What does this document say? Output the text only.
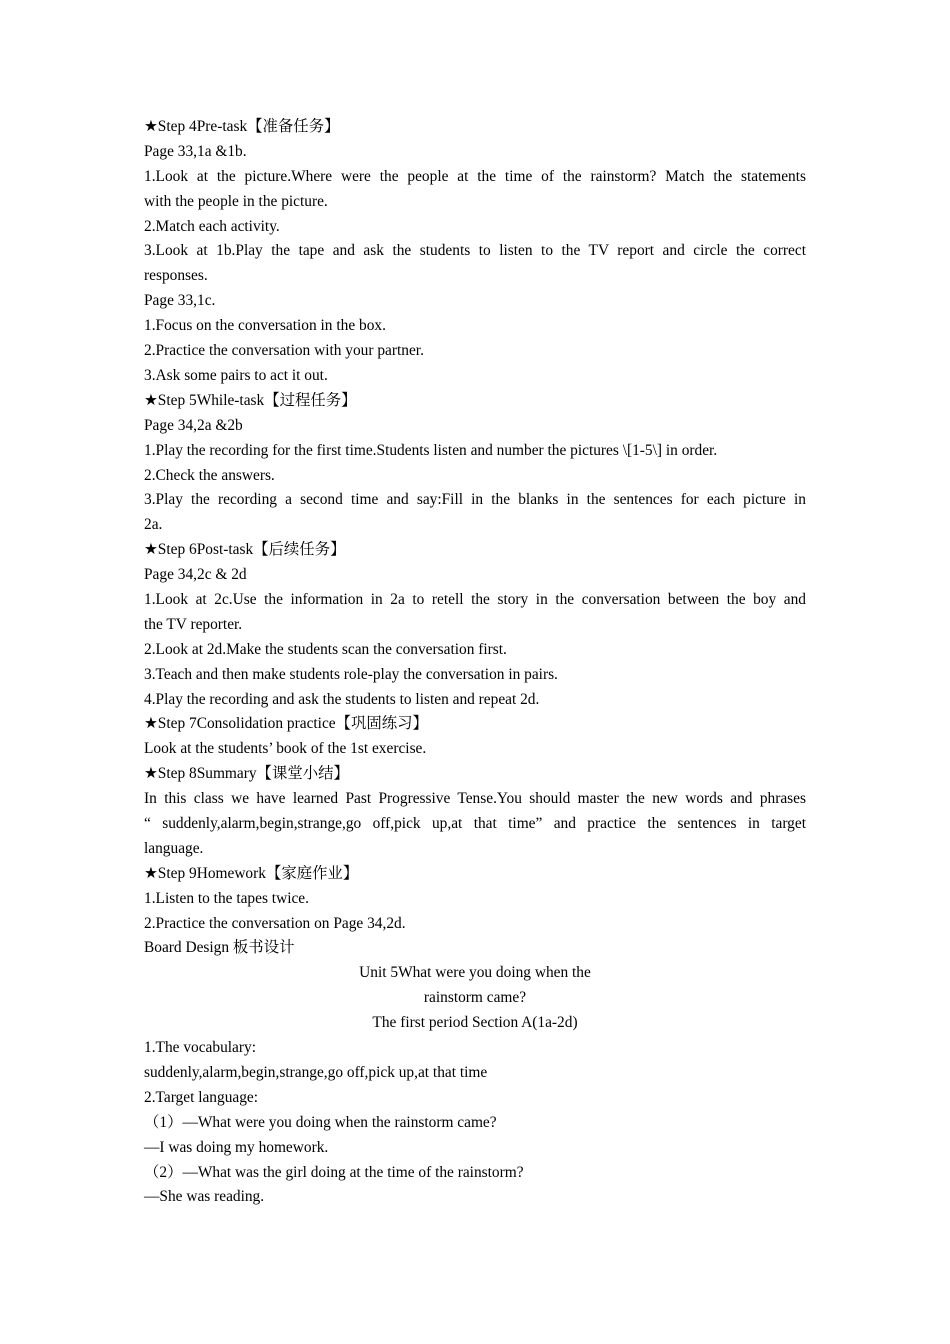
★Step 4Pre-task【准备任务】
Page 33,1a &1b.
1.Look at the picture.Where were the people at the time of the rainstorm? Match the statements
with the people in the picture.
2.Match each activity.
3.Look at 1b.Play the tape and ask the students to listen to the TV report and circle the correct
responses.
Page 33,1c.
1.Focus on the conversation in the box.
2.Practice the conversation with your partner.
3.Ask some pairs to act it out.
★Step 5While-task【过程任务】
Page 34,2a &2b
1.Play the recording for the first time.Students listen and number the pictures \[1-5\] in order.
2.Check the answers.
3.Play the recording a second time and say:Fill in the blanks in the sentences for each picture in
2a.
★Step 6Post-task【后续任务】
Page 34,2c & 2d
1.Look at 2c.Use the information in 2a to retell the story in the conversation between the boy and
the TV reporter.
2.Look at 2d.Make the students scan the conversation first.
3.Teach and then make students role-play the conversation in pairs.
4.Play the recording and ask the students to listen and repeat 2d.
★Step 7Consolidation practice【巩固练习】
Look at the students’ book of the 1st exercise.
★Step 8Summary【课堂小结】
In this class we have learned Past Progressive Tense.You should master the new words and phrases
“ suddenly,alarm,begin,strange,go off,pick up,at that time” and practice the sentences in target
language.
★Step 9Homework【家庭作业】
1.Listen to the tapes twice.
2.Practice the conversation on Page 34,2d.
Board Design 板书设计
Unit 5What were you doing when the
rainstorm came?
The first period Section A(1a-2d)
1.The vocabulary:
suddenly,alarm,begin,strange,go off,pick up,at that time
2.Target language:
（1）—What were you doing when the rainstorm came?
—I was doing my homework.
（2）—What was the girl doing at the time of the rainstorm?
—She was reading.
